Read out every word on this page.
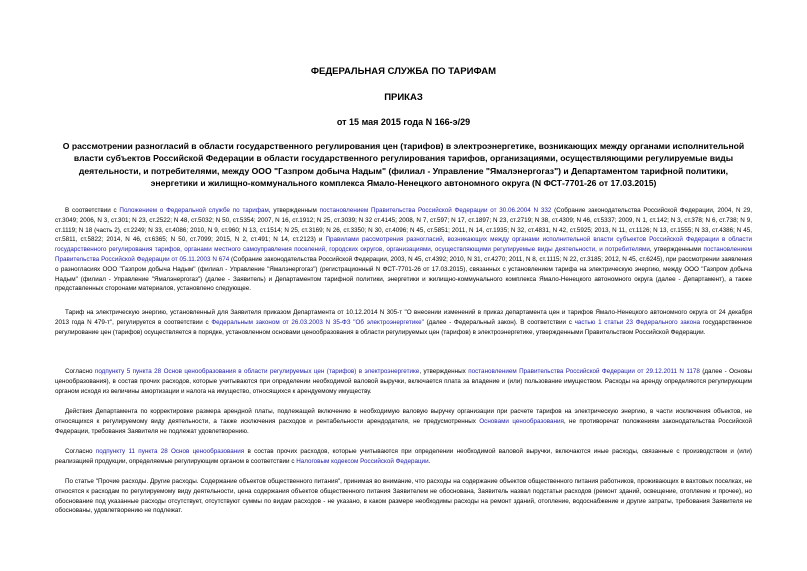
ФЕДЕРАЛЬНАЯ СЛУЖБА ПО ТАРИФАМ
ПРИКАЗ
от 15 мая 2015 года N 166-э/29
О рассмотрении разногласий в области государственного регулирования цен (тарифов) в электроэнергетике, возникающих между органами исполнительной власти субъектов Российской Федерации в области государственного регулирования тарифов, организациями, осуществляющими регулируемые виды деятельности, и потребителями, между ООО "Газпром добыча Надым" (филиал - Управление "Ямалэнергогаз") и Департаментом тарифной политики, энергетики и жилищно-коммунального комплекса Ямало-Ненецкого автономного округа (N ФСТ-7701-26 от 17.03.2015)

В соответствии с Положением о Федеральной службе по тарифам, утвержденным постановлением Правительства Российской Федерации от 30.06.2004 N 332 (Собрание законодательства Российской Федерации, 2004, N 29, ст.3049; 2006, N 3, ст.301; N 23, ст.2522; N 48, ст.5032; N 50, ст.5354; 2007, N 16, ст.1912; N 25, ст.3039; N 32 ст.4145; 2008, N 7, ст.597; N 17, ст.1897; N 23, ст.2719; N 38, ст.4309; N 46, ст.5337; 2009, N 1, ст.142; N 3, ст.378; N 6, ст.738; N 9, ст.1119; N 18 (часть 2), ст.2249; N 33, ст.4086; 2010, N 9, ст.960; N 13, ст.1514; N 25, ст.3169; N 26, ст.3350; N 30, ст.4096; N 45, ст.5851; 2011, N 14, ст.1935; N 32, ст.4831, N 42, ст.5925; 2013, N 11, ст.1126; N 13, ст.1555; N 33, ст.4386; N 45, ст.5811, ст.5822; 2014, N 46, ст.6365; N 50, ст.7099; 2015, N 2, ст.491; N 14, ст.2123) и Правилами рассмотрения разногласий, возникающих между органами исполнительной власти субъектов Российской Федерации в области государственного регулирования тарифов, органами местного самоуправления поселений, городских округов, организациями, осуществляющими регулируемые виды деятельности, и потребителями, утвержденными постановлением Правительства Российской Федерации от 05.11.2003 N 674 (Собрание законодательства Российской Федерации, 2003, N 45, ст.4392; 2010, N 31, ст.4270; 2011, N 8, ст.1115; N 22, ст.3185; 2012, N 45, ст.6245), при рассмотрении заявления о разногласиях ООО "Газпром добыча Надым" (филиал - Управление "Ямалэнергогаз") (регистрационный N ФСТ-7701-26 от 17.03.2015), связанных с установлением тарифа на электрическую энергию, между ООО "Газпром добыча Надым" (филиал - Управление "Ямалэнергогаз") (далее - Заявитель) и Департаментом тарифной политики, энергетики и жилищно-коммунального комплекса Ямало-Ненецкого автономного округа (далее - Департамент), а также представленных сторонами материалов, установлено следующее.

Тариф на электрическую энергию, установленный для Заявителя приказом Департамента от 10.12.2014 N 305-т "О внесении изменений в приказ департамента цен и тарифов Ямало-Ненецкого автономного округа от 24 декабря 2013 года N 479-т", регулируется в соответствии с Федеральным законом от 26.03.2003 N 35-ФЗ "Об электроэнергетике" (далее - Федеральный закон). В соответствии с частью 1 статьи 23 Федерального закона государственное регулирование цен (тарифов) осуществляется в порядке, установленном основами ценообразования в области регулируемых цен (тарифов) в электроэнергетике, утвержденными Правительством Российской Федерации.

Согласно подпункту 5 пункта 28 Основ ценообразования в области регулируемых цен (тарифов) в электроэнергетике, утвержденных постановлением Правительства Российской Федерации от 29.12.2011 N 1178 (далее - Основы ценообразования), в состав прочих расходов, которые учитываются при определении необходимой валовой выручки, включается плата за владение и (или) пользование имуществом. Расходы на аренду определяются регулирующим органом исходя из величины амортизации и налога на имущество, относящихся к арендуемому имуществу.

Действия Департамента по корректировке размера арендной платы, подлежащей включению в необходимую валовую выручку организации при расчете тарифов на электрическую энергию, в части исключения объектов, не относящихся к регулируемому виду деятельности, а также исключения расходов и рентабельности арендодателя, не предусмотренных Основами ценообразования, не противоречат положениям законодательства Российской Федерации, требования Заявителя не подлежат удовлетворению.

Согласно подпункту 11 пункта 28 Основ ценообразования в состав прочих расходов, которые учитываются при определении необходимой валовой выручки, включаются иные расходы, связанные с производством и (или) реализацией продукции, определяемые регулирующим органом в соответствии с Налоговым кодексом Российской Федерации.

По статье "Прочие расходы. Другие расходы. Содержание объектов общественного питания", принимая во внимание, что расходы на содержание объектов общественного питания работников, проживающих в вахтовых поселках, не относятся к расходам по регулируемому виду деятельности, цена содержания объектов общественного питания Заявителем не обоснована, Заявитель назвал подстатьи расходов (ремонт зданий, освещение, отопление и прочее), но обоснование под указанные расходы отсутствует, отсутствуют суммы по видам расходов - не указано, в каком размере необходимы расходы на ремонт зданий, отопление, водоснабжение и другие затраты, требования Заявителя не обоснованы, удовлетворению не подлежат.
